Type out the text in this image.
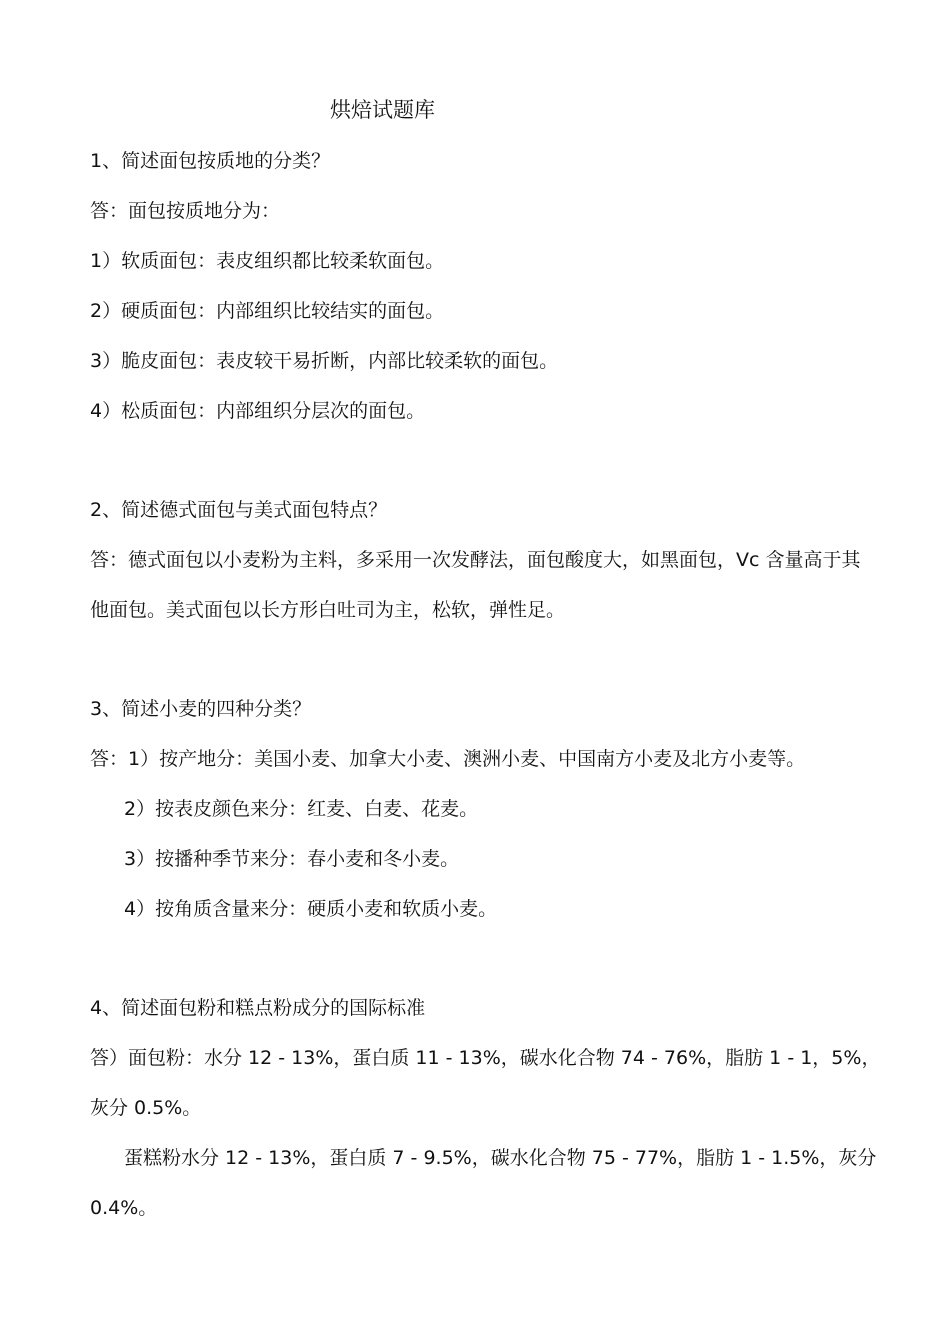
烘焙试题库
1、简述面包按质地的分类？
答：面包按质地分为：
1）软质面包：表皮组织都比较柔软面包。
2）硬质面包：内部组织比较结实的面包。
3）脆皮面包：表皮较干易折断，内部比较柔软的面包。
4）松质面包：内部组织分层次的面包。
2、简述德式面包与美式面包特点？
答：德式面包以小麦粉为主料，多采用一次发酵法，面包酸度大，如黑面包，Vc 含量高于其
他面包。美式面包以长方形白吐司为主，松软，弹性足。
3、简述小麦的四种分类？
答：1）按产地分：美国小麦、加拿大小麦、澳洲小麦、中国南方小麦及北方小麦等。
2）按表皮颜色来分：红麦、白麦、花麦。
3）按播种季节来分：春小麦和冬小麦。
4）按角质含量来分：硬质小麦和软质小麦。
4、简述面包粉和糕点粉成分的国际标准
答）面包粉：水分 12 - 13%，蛋白质 11 - 13%，碳水化合物 74 - 76%，脂肪 1 - 1，5%，
灰分 0.5%。
蛋糕粉水分 12 - 13%，蛋白质 7 - 9.5%，碳水化合物 75 - 77%，脂肪 1 - 1.5%，灰分
0.4%。
